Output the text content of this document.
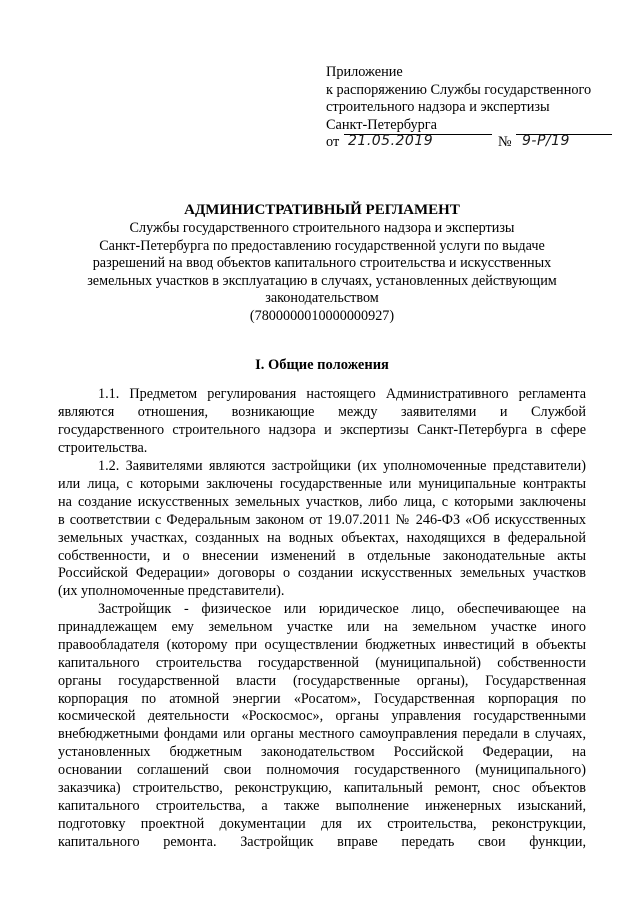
Приложение
к распоряжению Службы государственного
строительного надзора и экспертизы
Санкт-Петербурга
от 21.05.2019	№ 9-Р/19
АДМИНИСТРАТИВНЫЙ РЕГЛАМЕНТ
Службы государственного строительного надзора и экспертизы
Санкт-Петербурга по предоставлению государственной услуги по выдаче
разрешений на ввод объектов капитального строительства и искусственных
земельных участков в эксплуатацию в случаях, установленных действующим
законодательством
(7800000010000000927)
I. Общие положения
1.1. Предметом регулирования настоящего Административного регламента
являются отношения, возникающие между заявителями и Службой
государственного строительного надзора и экспертизы Санкт-Петербурга в сфере
строительства.
1.2. Заявителями являются застройщики (их уполномоченные представители)
или лица, с которыми заключены государственные или муниципальные контракты
на создание искусственных земельных участков, либо лица, с которыми заключены
в соответствии с Федеральным законом от 19.07.2011 № 246-ФЗ «Об искусственных
земельных участках, созданных на водных объектах, находящихся в федеральной
собственности, и о внесении изменений в отдельные законодательные акты
Российской Федерации» договоры о создании искусственных земельных участков
(их уполномоченные представители).
Застройщик - физическое или юридическое лицо, обеспечивающее на
принадлежащем ему земельном участке или на земельном участке иного
правообладателя (которому при осуществлении бюджетных инвестиций в объекты
капитального строительства государственной (муниципальной) собственности
органы государственной власти (государственные органы), Государственная
корпорация по атомной энергии «Росатом», Государственная корпорация по
космической деятельности «Роскосмос», органы управления государственными
внебюджетными фондами или органы местного самоуправления передали в случаях,
установленных бюджетным законодательством Российской Федерации, на
основании соглашений свои полномочия государственного (муниципального)
заказчика) строительство, реконструкцию, капитальный ремонт, снос объектов
капитального строительства, а также выполнение инженерных изысканий,
подготовку проектной документации для их строительства, реконструкции,
капитального ремонта. Застройщик вправе передать свои функции,
